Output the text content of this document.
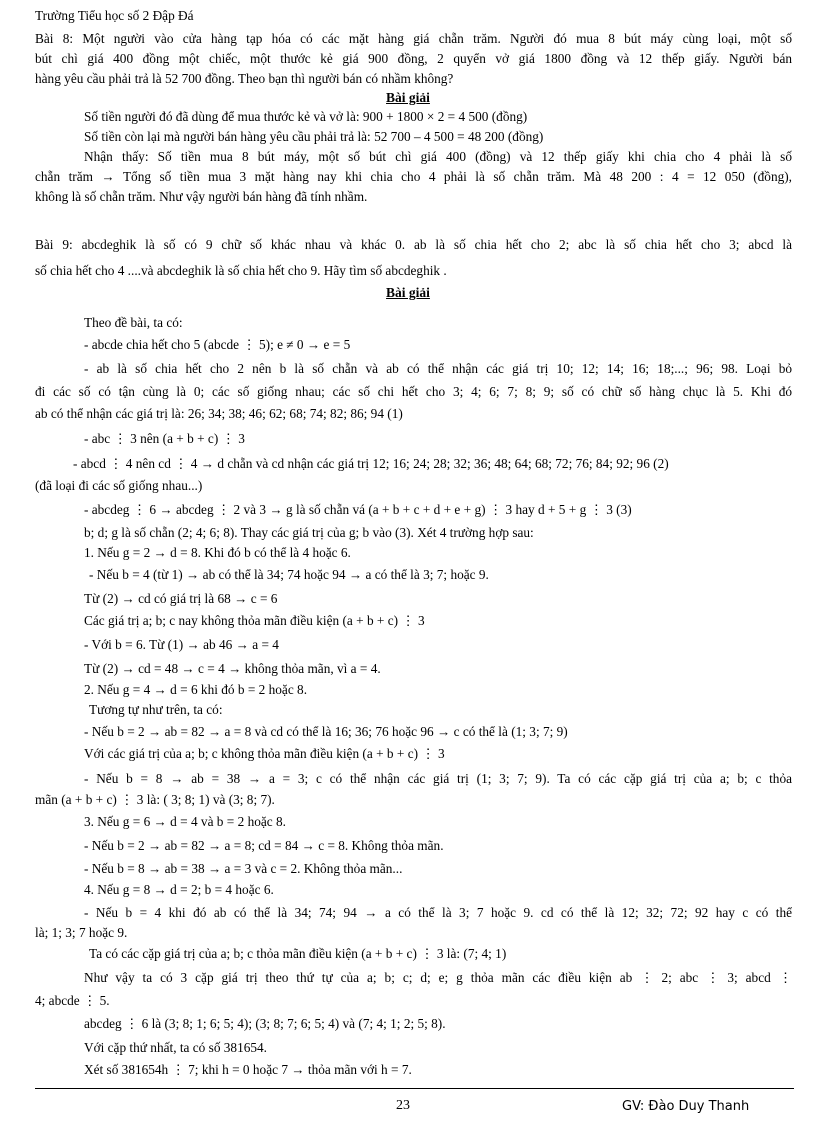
Trường Tiểu học số 2 Đập Đá
Bài 8: Một người vào cửa hàng tạp hóa có các mặt hàng giá chẵn trăm. Người đó mua 8 bút máy cùng loại, một số
bút chì giá 400 đồng một chiếc, một thước kẻ giá 900 đồng, 2 quyển vở giá 1800 đồng và 12 thếp giấy. Người bán
hàng yêu cầu phải trả là 52 700 đồng. Theo bạn thì người bán có nhầm không?
Bài giải
Số tiền người đó đã dùng để mua thước kẻ và vở là: 900 + 1800 × 2 = 4 500 (đồng)
Số tiền còn lại mà người bán hàng yêu cầu phải trả là: 52 700 – 4 500 = 48 200 (đồng)
Nhận thấy: Số tiền mua 8 bút máy, một số bút chì giá 400 (đồng) và 12 thếp giấy khi chia cho 4 phải là số
chẵn trăm → Tổng số tiền mua 3 mặt hàng nay khi chia cho 4 phải là số chẵn trăm. Mà 48 200 : 4 = 12 050 (đồng),
không là số chẵn trăm. Như vậy người bán hàng đã tính nhầm.
Bài 9: abcdeghik là số có 9 chữ số khác nhau và khác 0. ab là số chia hết cho 2; abc là số chia hết cho 3; abcd là
số chia hết cho 4 ....và abcdeghik là số chia hết cho 9. Hãy tìm số abcdeghik .
Bài giải
Theo đề bài, ta có:
- abcde chia hết cho 5 (abcde ⋮ 5); e ≠ 0 → e = 5
- ab là số chia hết cho 2 nên b là số chẵn và ab có thể nhận các giá trị 10; 12; 14; 16; 18;...; 96; 98. Loại bỏ
đi các số có tận cùng là 0; các số giống nhau; các số chi hết cho 3; 4; 6; 7; 8; 9; số có chữ số hàng chục là 5. Khi đó
ab có thể nhận các giá trị là: 26; 34; 38; 46; 62; 68; 74; 82; 86; 94 (1)
- abc ⋮ 3 nên (a + b + c) ⋮ 3
- abcd ⋮ 4 nên cd ⋮ 4 → d chẵn và cd nhận các giá trị 12; 16; 24; 28; 32; 36; 48; 64; 68; 72; 76; 84; 92; 96 (2)
(đã loại đi các số giống nhau...)
- abcdeg ⋮ 6 → abcdeg ⋮ 2 và 3 → g là số chẵn vá (a + b + c + d + e + g) ⋮ 3 hay d + 5 + g ⋮ 3 (3)
b; d; g là số chẵn (2; 4; 6; 8). Thay các giá trị của g; b vào (3). Xét 4 trường hợp sau:
1. Nếu g = 2 → d = 8. Khi đó b có thể là 4 hoặc 6.
- Nếu b = 4 (từ 1) → ab có thể là 34; 74 hoặc 94 → a có thể là 3; 7; hoặc 9.
Từ (2) → cd có giá trị là 68 → c = 6
Các giá trị a; b; c nay không thỏa mãn điều kiện (a + b + c) ⋮ 3
- Với b = 6. Từ (1) → ab 46 → a = 4
Từ (2) → cd = 48 → c = 4 → không thỏa mãn, vì a = 4.
2. Nếu g = 4 → d = 6 khi đó b = 2 hoặc 8.
Tương tự như trên, ta có:
- Nếu b = 2 → ab = 82 → a = 8 và cd có thể là 16; 36; 76 hoặc 96 → c có thể là (1; 3; 7; 9)
Với các giá trị của a; b; c không thỏa mãn điều kiện (a + b + c) ⋮ 3
- Nếu b = 8 → ab = 38 → a = 3; c có thể nhận các giá trị (1; 3; 7; 9). Ta có các cặp giá trị của a; b; c thỏa
mãn (a + b + c) ⋮ 3 là: ( 3; 8; 1) và (3; 8; 7).
3. Nếu g = 6 → d = 4 và b = 2 hoặc 8.
- Nếu b = 2 → ab = 82 → a = 8; cd = 84 → c = 8. Không thỏa mãn.
- Nếu b = 8 → ab = 38 → a = 3 và c = 2. Không thỏa mãn...
4. Nếu g = 8 → d = 2; b = 4 hoặc 6.
- Nếu b = 4 khi đó ab có thể là 34; 74; 94 → a có thể là 3; 7 hoặc 9. cd có thể là 12; 32; 72; 92 hay c có thể
là; 1; 3; 7 hoặc 9.
Ta có các cặp giá trị của a; b; c thỏa mãn điều kiện (a + b + c) ⋮ 3 là: (7; 4; 1)
Như vậy ta có 3 cặp giá trị theo thứ tự của a; b; c; d; e; g thỏa mãn các điều kiện ab ⋮ 2; abc ⋮ 3; abcd ⋮
4; abcde ⋮ 5.
abcdeg ⋮ 6 là (3; 8; 1; 6; 5; 4); (3; 8; 7; 6; 5; 4) và (7; 4; 1; 2; 5; 8).
Với cặp thứ nhất, ta có số 381654.
Xét số 381654h ⋮ 7; khi h = 0 hoặc 7 → thỏa mãn với h = 7.
23	GV: Đào Duy Thanh
